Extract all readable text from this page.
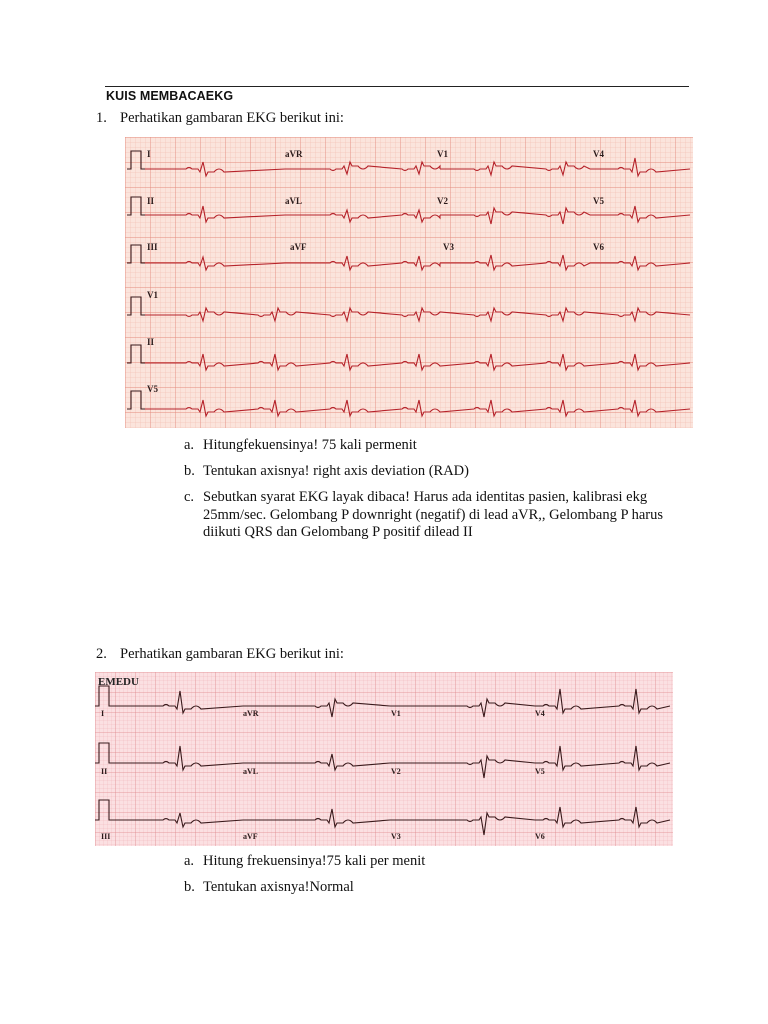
KUIS MEMBACAEKG
1. Perhatikan gambaran EKG berikut ini:
I	aVR	V1	V4
II	aVL	V2	V5
III	aVF	V3	V6
V1
II
V5
a. Hitungfekuensinya! 75 kali permenit
b. Tentukan axisnya! right axis deviation (RAD)
c. Sebutkan syarat EKG layak dibaca! Harus ada identitas pasien, kalibrasi ekg
25mm/sec. Gelombang P downright (negatif) di lead aVR,, Gelombang P harus
diikuti QRS dan Gelombang P positif dilead II
2. Perhatikan gambaran EKG berikut ini:
I	aVR	V1	V4
II	aVL	V2	V5
III	aVF	V3	V6
EMEDU
a. Hitung frekuensinya!75 kali per menit
b. Tentukan axisnya!Normal
